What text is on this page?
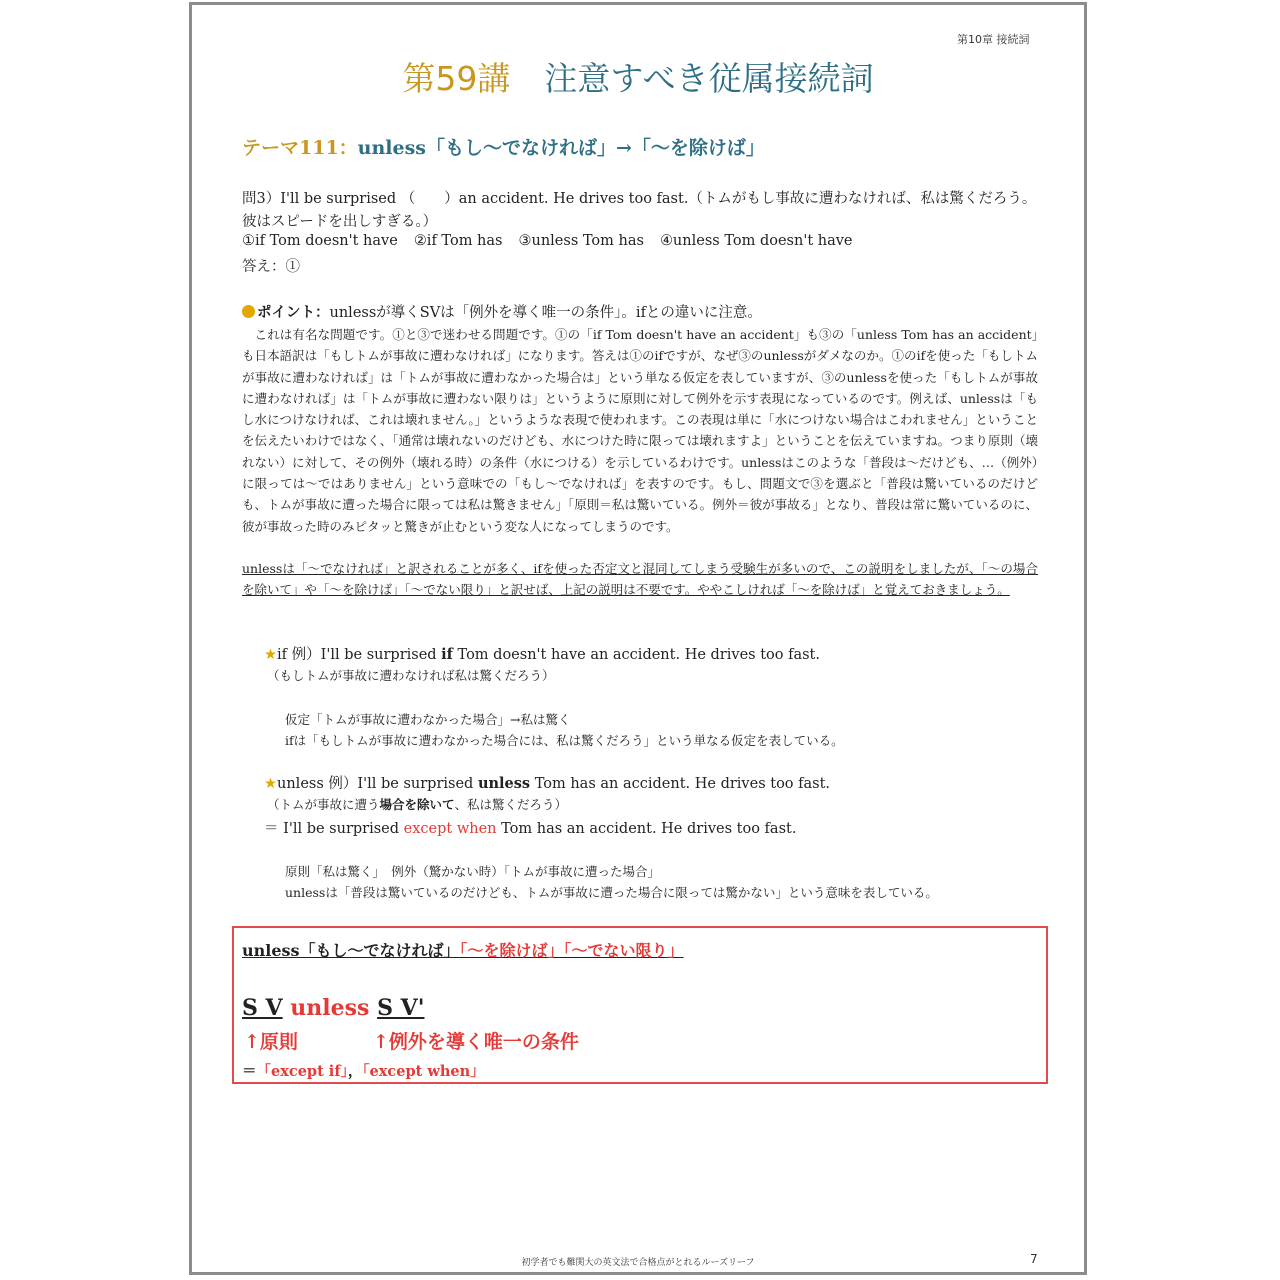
第10章 接続詞
第59講 注意すべき従属接続詞
テーマ111：unless「もし～でなければ」→「～を除けば」
問3）I'll be surprised （　　）an accident. He drives too fast.（トムがもし事故に遭わなければ、私は驚くだろう。
彼はスピードを出しすぎる。）
①if Tom doesn't have ②if Tom has ③unless Tom has ④unless Tom doesn't have
答え：①
ポイント：unlessが導くSVは「例外を導く唯一の条件」。ifとの違いに注意。
　これは有名な問題です。①と③で迷わせる問題です。①の「if Tom doesn't have an accident」も③の「unless Tom has an accident」も日本語訳は「もしトムが事故に遭わなければ」になります。答えは①のifですが、なぜ③のunlessがダメなのか。①のifを使った「もしトムが事故に遭わなければ」は「トムが事故に遭わなかった場合は」という単なる仮定を表していますが、③のunlessを使った「もしトムが事故に遭わなければ」は「トムが事故に遭わない限りは」というように原則に対して例外を示す表現になっているのです。例えば、unlessは「もし水につけなければ、これは壊れません。」というような表現で使われます。この表現は単に「水につけない場合はこわれません」ということを伝えたいわけではなく、「通常は壊れないのだけども、水につけた時に限っては壊れますよ」ということを伝えていますね。つまり原則（壊れない）に対して、その例外（壊れる時）の条件（水につける）を示しているわけです。unlessはこのような「普段は～だけども、…（例外）に限っては～ではありません」という意味での「もし～でなければ」を表すのです。もし、問題文で③を選ぶと「普段は驚いているのだけども、トムが事故に遭った場合に限っては私は驚きません」「原則＝私は驚いている。例外＝彼が事故る」となり、普段は常に驚いているのに、彼が事故った時のみピタッと驚きが止むという変な人になってしまうのです。
unlessは「～でなければ」と訳されることが多く、ifを使った否定文と混同してしまう受験生が多いので、この説明をしましたが、「～の場合を除いて」や「～を除けば」「～でない限り」と訳せば、上記の説明は不要です。ややこしければ「～を除けば」と覚えておきましょう。
★if 例）I'll be surprised if Tom doesn't have an accident. He drives too fast.
（もしトムが事故に遭わなければ私は驚くだろう）
仮定「トムが事故に遭わなかった場合」→私は驚く
ifは「もしトムが事故に遭わなかった場合には、私は驚くだろう」という単なる仮定を表している。
★unless 例）I'll be surprised unless Tom has an accident. He drives too fast.
（トムが事故に遭う場合を除いて、私は驚くだろう）
＝ I'll be surprised except when Tom has an accident. He drives too fast.
原則「私は驚く」　例外（驚かない時）「トムが事故に遭った場合」
unlessは「普段は驚いているのだけども、トムが事故に遭った場合に限っては驚かない」という意味を表している。
unless「もし～でなければ」「～を除けば」「～でない限り」
S V unless S V'
↑原則	↑例外を導く唯一の条件
＝「except if」，「except when」
初学者でも難関大の英文法で合格点がとれるルーズリーフ	7
